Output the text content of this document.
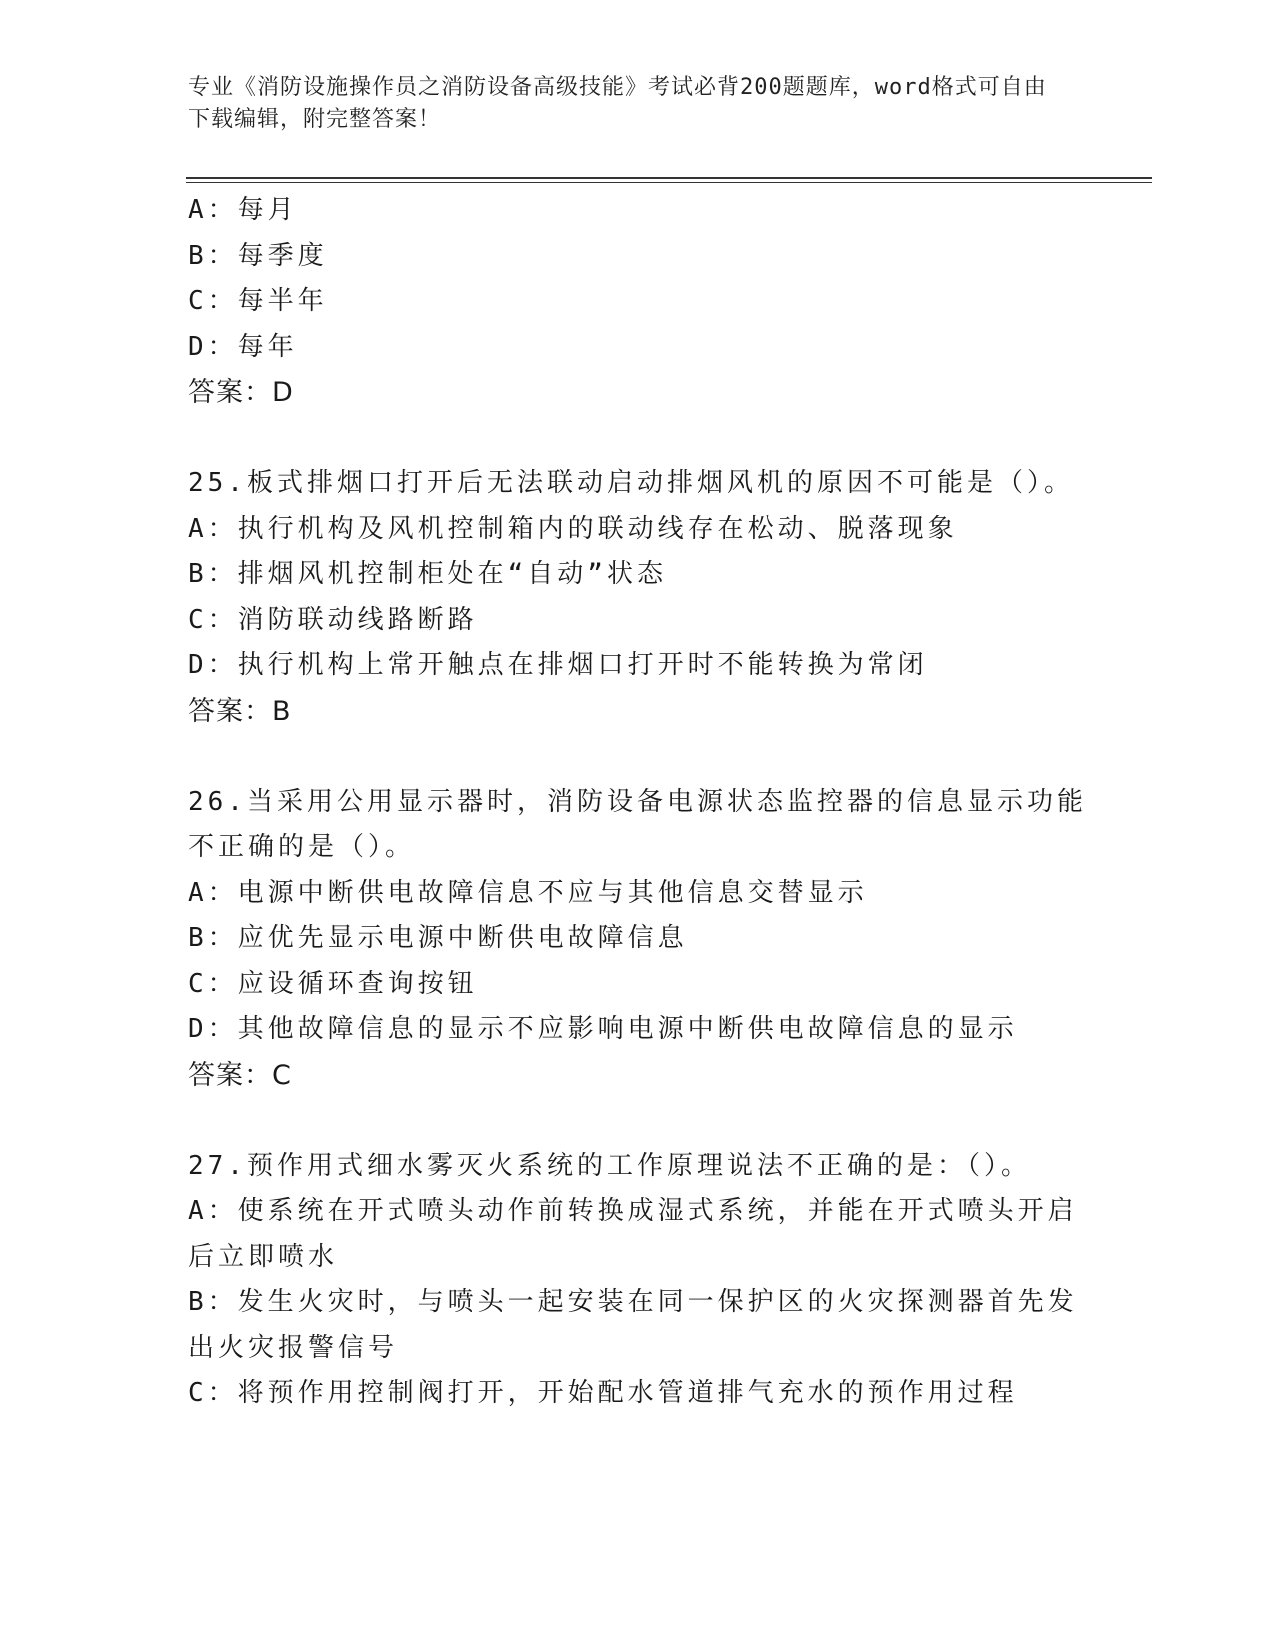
专业《消防设施操作员之消防设备高级技能》考试必背200题题库，word格式可自由下载编辑，附完整答案！
A：每月
B：每季度
C：每半年
D：每年
答案：D
25.板式排烟口打开后无法联动启动排烟风机的原因不可能是（）。
A：执行机构及风机控制箱内的联动线存在松动、脱落现象
B：排烟风机控制柜处在“自动”状态
C：消防联动线路断路
D：执行机构上常开触点在排烟口打开时不能转换为常闭
答案：B
26.当采用公用显示器时，消防设备电源状态监控器的信息显示功能不正确的是（）。
A：电源中断供电故障信息不应与其他信息交替显示
B：应优先显示电源中断供电故障信息
C：应设循环查询按钮
D：其他故障信息的显示不应影响电源中断供电故障信息的显示
答案：C
27.预作用式细水雾灭火系统的工作原理说法不正确的是：（）。
A：使系统在开式喷头动作前转换成湿式系统，并能在开式喷头开启后立即喷水
B：发生火灾时，与喷头一起安装在同一保护区的火灾探测器首先发出火灾报警信号
C：将预作用控制阀打开，开始配水管道排气充水的预作用过程
